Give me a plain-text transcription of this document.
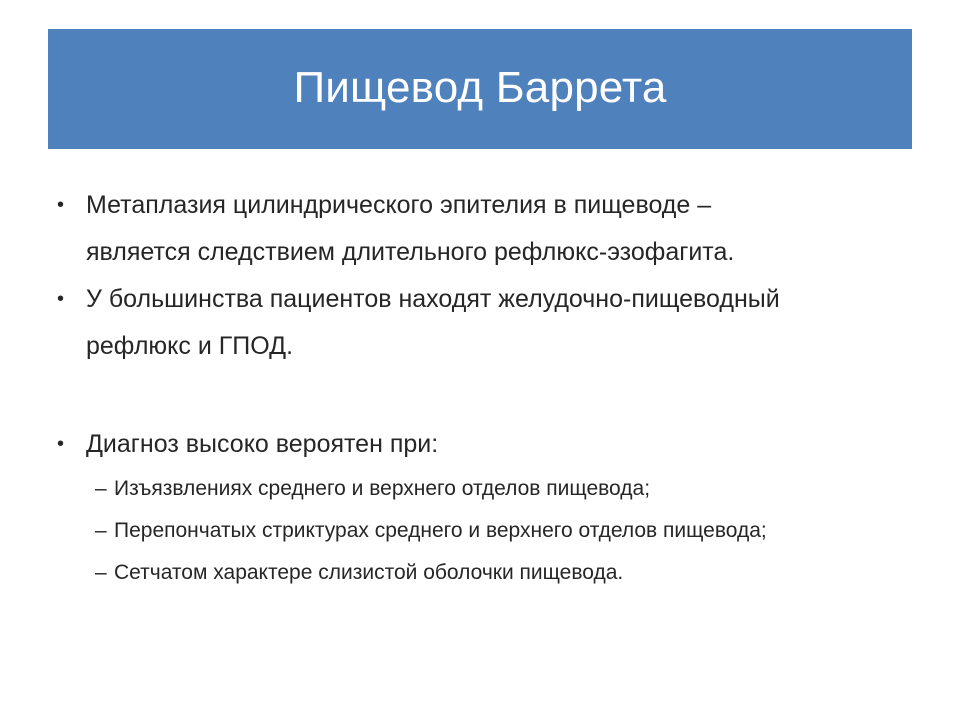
Пищевод Баррета
• Метаплазия цилиндрического эпителия в пищеводе –
является следствием длительного рефлюкс-эзофагита.
• У большинства пациентов находят желудочно-пищеводный
рефлюкс и ГПОД.
• Диагноз высоко вероятен при:
– Изъязвлениях среднего и верхнего отделов пищевода;
– Перепончатых стриктурах среднего и верхнего отделов пищевода;
– Сетчатом характере слизистой оболочки пищевода.
